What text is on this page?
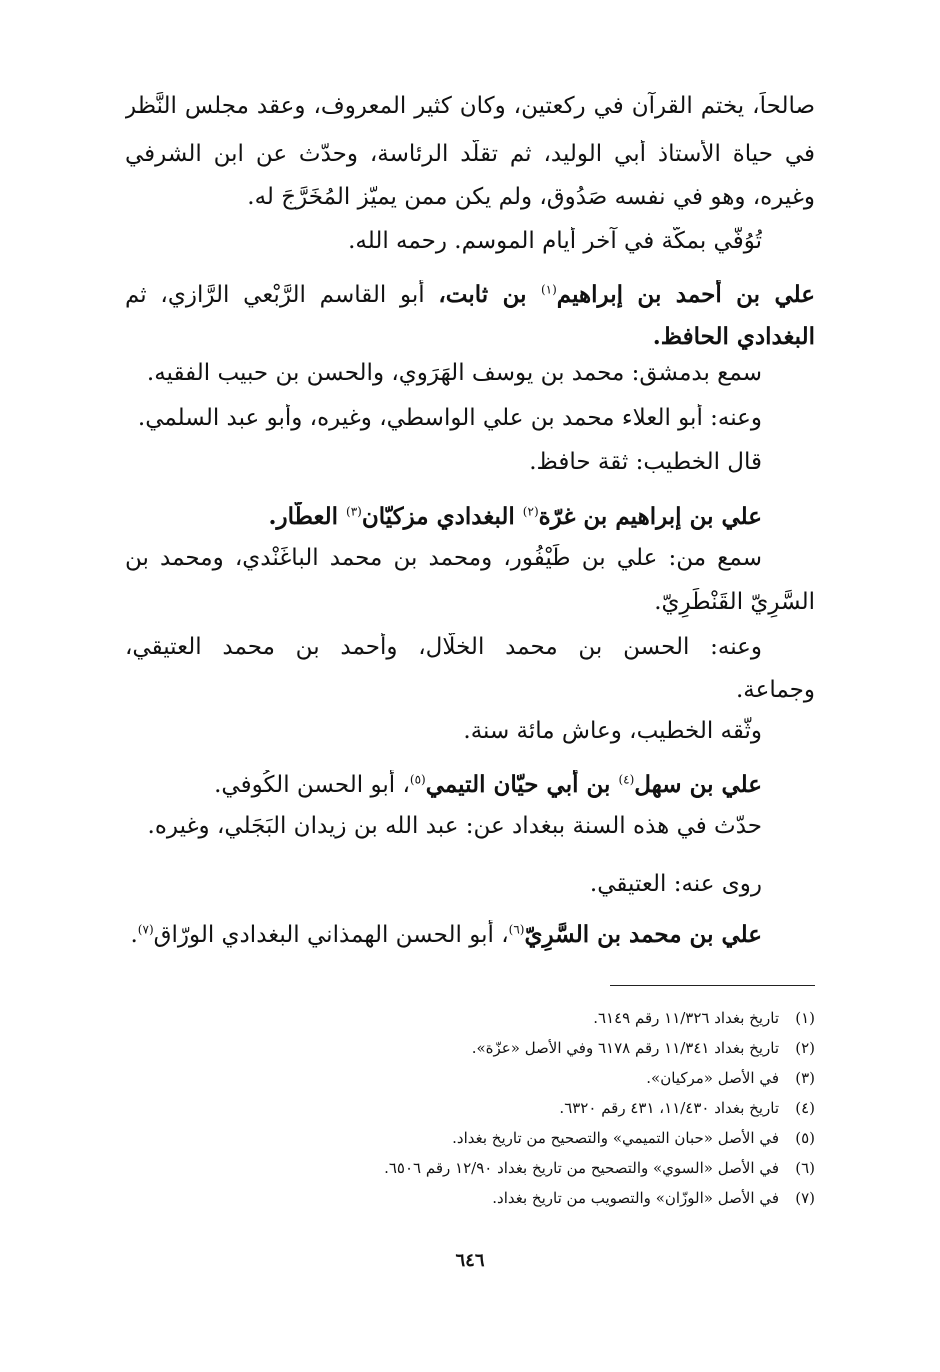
صالحاً، يختم القرآن في ركعتين، وكان كثير المعروف، وعقد مجلس النَّظر
في حياة الأستاذ أبي الوليد، ثم تقلّد الرئاسة، وحدّث عن ابن الشرفي
وغيره، وهو في نفسه صَدُوق، ولم يكن ممن يميّز المُخَرَّجَ له.
تُوُفّي بمكّة في آخر أيام الموسم. رحمه الله.
علي بن أحمد بن إبراهيم$^{(١)}$ بن ثابت، أبو القاسم الرَّبْعي الرَّازي، ثم
البغدادي الحافظ.
سمع بدمشق: محمد بن يوسف الهَرَوي، والحسن بن حبيب الفقيه.
وعنه: أبو العلاء محمد بن علي الواسطي، وغيره، وأبو عبد السلمي.
قال الخطيب: ثقة حافظ.
علي بن إبراهيم بن غرّة$^{(٢)}$ البغدادي مزكيّان$^{(٣)}$ العطّار.
سمع من: علي بن طَيْفُور، ومحمد بن محمد الباغَنْدي، ومحمد بن
السَّرِيّ القَنْطَرِيّ.
وعنه: الحسن بن محمد الخلّال، وأحمد بن محمد العتيقي،
وجماعة.
وثّقه الخطيب، وعاش مائة سنة.
علي بن سهل$^{(٤)}$ بن أبي حيّان التيمي$^{(٥)}$، أبو الحسن الكُوفي.
حدّث في هذه السنة ببغداد عن: عبد الله بن زيدان البَجَلي، وغيره.
روى عنه: العتيقي.
علي بن محمد بن السَّرِيّ$^{(٦)}$، أبو الحسن الهمذاني البغدادي الورّاق$^{(٧)}$.
(١)تاريخ بغداد ١١/٣٢٦ رقم ٦١٤٩.
(٢)تاريخ بغداد ١١/٣٤١ رقم ٦١٧٨ وفي الأصل «عزّة».
(٣)في الأصل «مركيان».
(٤)تاريخ بغداد ١١/٤٣٠، ٤٣١ رقم ٦٣٢٠.
(٥)في الأصل «حبان التميمي» والتصحيح من تاريخ بغداد.
(٦)في الأصل «السوي» والتصحيح من تاريخ بغداد ١٢/٩٠ رقم ٦٥٠٦.
(٧)في الأصل «الوزّان» والتصويب من تاريخ بغداد.
٦٤٦
